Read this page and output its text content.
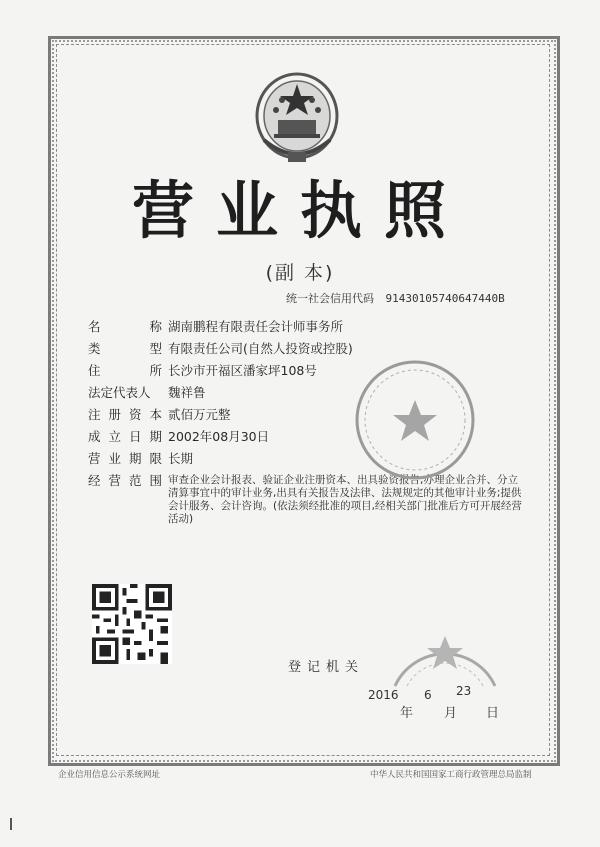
营业执照
(副 本)
统一社会信用代码 91430105740647440B
名	称 湖南鹏程有限责任会计师事务所
类	型 有限责任公司(自然人投资或控股)
住	所 长沙市开福区潘家坪108号
法定代表人	魏祥鲁
注 册 资 本 贰佰万元整
成 立 日 期 2002年08月30日
营 业 期 限 长期
经 营 范 围 审查企业会计报表、验证企业注册资本、出具验资报告;办理企业合并、分立清算事宜中的审计业务,出具有关报告及法律、法规规定的其他审计业务;提供会计服务、会计咨询。(依法须经批准的项目,经相关部门批准后方可开展经营活动)
登记机关
2016 6 23
年 月 日
企业信用信息公示系统网址	中华人民共和国国家工商行政管理总局监制
